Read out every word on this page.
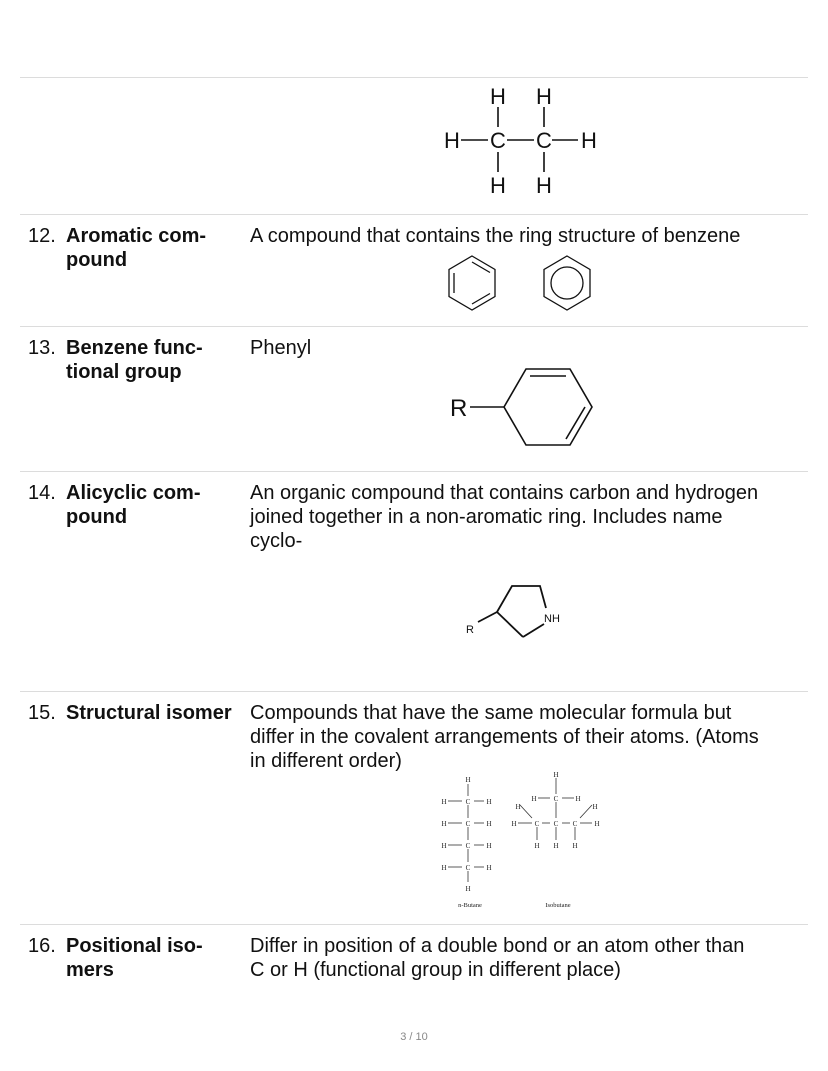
H H
H C C H
H H
12. Aromatic com-
pound
A compound that contains the ring structure of benzene
13. Benzene func-
tional group
Phenyl
R
14. Alicyclic com-
pound
An organic compound that contains carbon and hydrogen
joined together in a non-aromatic ring. Includes name
cyclo-
R
NH
15. Structural isomer Compounds that have the same molecular formula but
differ in the covalent arrangements of their atoms. (Atoms
in different order)
H
H	C H
H	C H
H	C H
H	C H
H
H
H C H
H	H
H	C C C H
H H H
n-Butane	Isobutane
16. Positional iso-
mers
Differ in position of a double bond or an atom other than
C or H (functional group in different place)
3 / 10
